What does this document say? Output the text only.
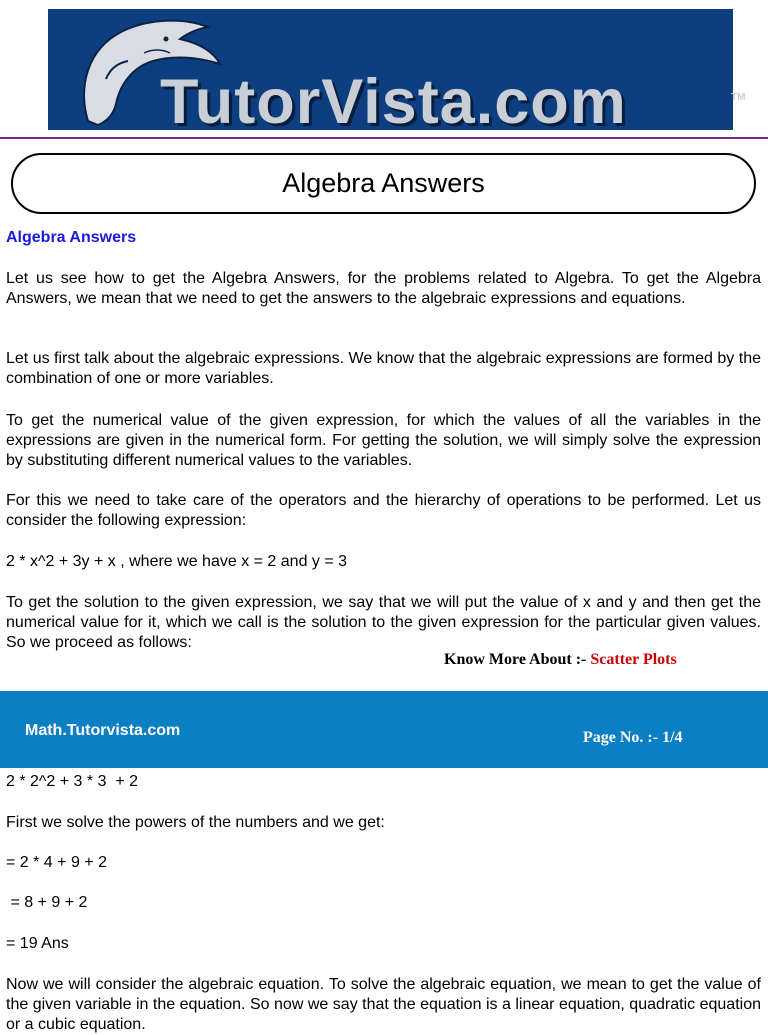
TutorVista.com	TM
Algebra Answers
Algebra Answers

Let us see how to get the Algebra Answers, for the problems related to Algebra. To get the Algebra Answers, we mean that we need to get the answers to the algebraic expressions and equations.

Let us first talk about the algebraic expressions. We know that the algebraic expressions are formed by the combination of one or more variables.

To get the numerical value of the given expression, for which the values of all the variables in the expressions are given in the numerical form. For getting the solution, we will simply solve the expression by substituting different numerical values to the variables.

For this we need to take care of the operators and the hierarchy of operations to be performed. Let us consider the following expression:

2 * x^2 + 3y + x , where we have x = 2 and y = 3

To get the solution to the given expression, we say that we will put the value of x and y and then get the numerical value for it, which we call is the solution to the given expression for the particular given values. So we proceed as follows:

Know More About :- Scatter Plots
Math.Tutorvista.com	Page No. :- 1/4
2 * 2^2 + 3 * 3  + 2
First we solve the powers of the numbers and we get:
= 2 * 4 + 9 + 2
= 8 + 9 + 2
= 19 Ans

Now we will consider the algebraic equation. To solve the algebraic equation, we mean to get the value of the given variable in the equation. So now we say that the equation is a linear equation, quadratic equation or a cubic equation.
